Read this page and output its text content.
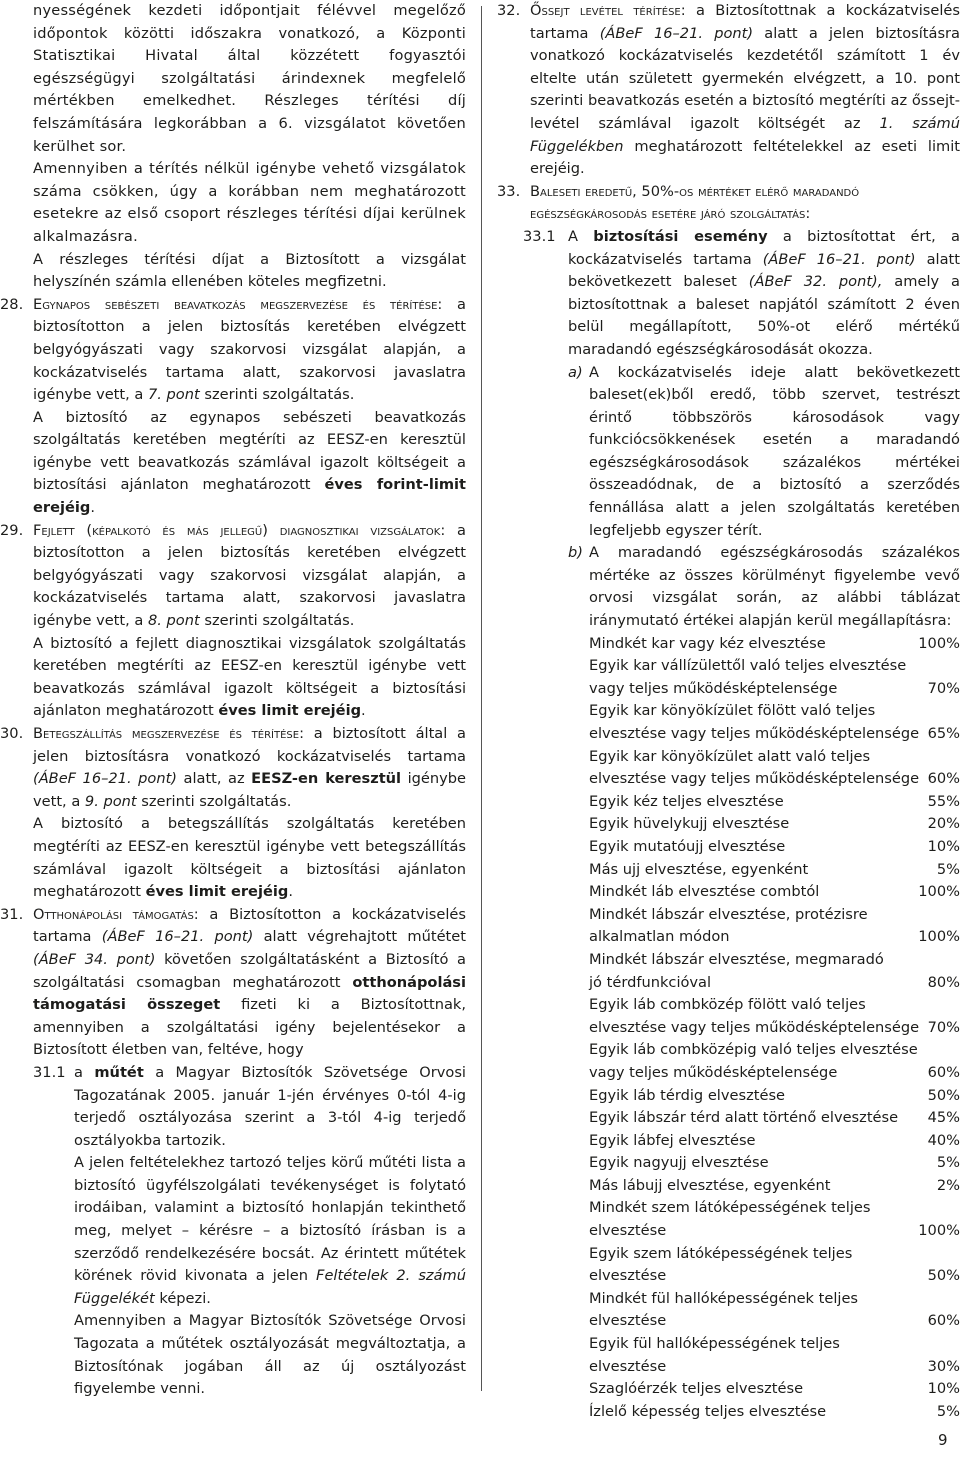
nyességének kezdeti időpontjait félévvel megelőző időpontok közötti időszakra vonatkozó, a Központi Statisztikai Hivatal által közzétett fogyasztói egészségügyi szolgáltatási árindexnek megfelelő mértékben emelkedhet. Részleges térítési díj felszámítására legkorábban a 6. vizsgálatot követően kerülhet sor.

Amennyiben a térítés nélkül igénybe vehető vizsgálatok száma csökken, úgy a korábban nem meghatározott esetekre az első csoport részleges térítési díjai kerülnek alkalmazásra.

A részleges térítési díjat a Biztosított a vizsgálat helyszínén számla ellenében köteles megfizetni.

28. Egynapos sebészeti beavatkozás megszervezése és térítése: a biztosítotton a jelen biztosítás keretében elvégzett belgyógyászati vagy szakorvosi vizsgálat alapján, a kockázatviselés tartama alatt, szakorvosi javaslatra igénybe vett, a 7. pont szerinti szolgáltatás.

A biztosító az egynapos sebészeti beavatkozás szolgáltatás keretében megtéríti az EESZ-en keresztül igénybe vett beavatkozás számlával igazolt költségeit a biztosítási ajánlaton meghatározott éves forint-limit erejéig.

29. Fejlett (képalkotó és más jellegű) diagnosztikai vizsgálatok: a biztosítotton a jelen biztosítás keretében elvégzett belgyógyászati vagy szakorvosi vizsgálat alapján, a kockázatviselés tartama alatt, szakorvosi javaslatra igénybe vett, a 8. pont szerinti szolgáltatás.

A biztosító a fejlett diagnosztikai vizsgálatok szolgáltatás keretében megtéríti az EESZ-en keresztül igénybe vett beavatkozás számlával igazolt költségeit a biztosítási ajánlaton meghatározott éves limit erejéig.

30. Betegszállítás megszervezése és térítése: a biztosított által a jelen biztosításra vonatkozó kockázatviselés tartama (ÁBeF 16–21. pont) alatt, az EESZ-en keresztül igénybe vett, a 9. pont szerinti szolgáltatás.

A biztosító a betegszállítás szolgáltatás keretében megtéríti az EESZ-en keresztül igénybe vett betegszállítás számlával igazolt költségeit a biztosítási ajánlaton meghatározott éves limit erejéig.

31. Otthonápolási támogatás: a Biztosítotton a kockázatviselés tartama (ÁBeF 16–21. pont) alatt végrehajtott műtétet (ÁBeF 34. pont) követően szolgáltatásként a Biztosító a szolgáltatási csomagban meghatározott otthonápolási támogatási összeget fizeti ki a Biztosítottnak, amennyiben a szolgáltatási igény bejelentésekor a Biztosított életben van, feltéve, hogy

31.1 a műtét a Magyar Biztosítók Szövetsége Orvosi Tagozatának 2005. január 1-jén érvényes 0-tól 4-ig terjedő osztályozása szerint a 3-tól 4-ig terjedő osztályokba tartozik.

A jelen feltételekhez tartozó teljes körű műtéti lista a biztosító ügyfélszolgálati tevékenységet is folytató irodáiban, valamint a biztosító honlapján tekinthető meg, melyet – kérésre – a biztosító írásban is a szerződő rendelkezésére bocsát. Az érintett műtétek körének rövid kivonata a jelen Feltételek 2. számú Függelékét képezi.

Amennyiben a Magyar Biztosítók Szövetsége Orvosi Tagozata a műtétek osztályozását megváltoztatja, a Biztosítónak jogában áll az új osztályozást figyelembe venni.

32. Őssejt levétel térítése: a Biztosítottnak a kockázatviselés tartama (ÁBeF 16–21. pont) alatt a jelen biztosításra vonatkozó kockázatviselés kezdetétől számított 1 év eltelte után született gyermekén elvégzett, a 10. pont szerinti beavatkozás esetén a biztosító megtéríti az őssejt-levétel számlával igazolt költségét az 1. számú Függelékben meghatározott feltételekkel az eseti limit erejéig.

33. Baleseti eredetű, 50%-os mértéket elérő maradandó egészségkárosodás esetére járó szolgáltatás:

33.1 A biztosítási esemény a biztosítottat ért, a kockázatviselés tartama (ÁBeF 16–21. pont) alatt bekövetkezett baleset (ÁBeF 32. pont), amely a biztosítottnak a baleset napjától számított 2 éven belül megállapított, 50%-ot elérő mértékű maradandó egészségkárosodását okozza.

a) A kockázatviselés ideje alatt bekövetkezett baleset(ek)ből eredő, több szervet, testrészt érintő többszörös károsodások vagy funkciócsökkenések esetén a maradandó egészségkárosodások százalékos mértékei összeadódnak, de a biztosító a szerződés fennállása alatt a jelen szolgáltatás keretében legfeljebb egyszer térít.

b) A maradandó egészségkárosodás százalékos mértéke az összes körülményt figyelembe vevő orvosi vizsgálat során, az alábbi táblázat iránymutató értékei alapján kerül megállapításra:

Mindkét kar vagy kéz elvesztése	100%
Egyik kar vállízülettől való teljes elvesztése
vagy teljes működésképtelensége	70%
Egyik kar könyökízület fölött való teljes
elvesztése vagy teljes működésképtelensége 65%
Egyik kar könyökízület alatt való teljes
elvesztése vagy teljes működésképtelensége 60%
Egyik kéz teljes elvesztése	55%
Egyik hüvelykujj elvesztése	20%
Egyik mutatóujj elvesztése	10%
Más ujj elvesztése, egyenként	5%
Mindkét láb elvesztése combtól	100%
Mindkét lábszár elvesztése, protézisre
alkalmatlan módon	100%
Mindkét lábszár elvesztése, megmaradó
jó térdfunkcióval	80%
Egyik láb combközép fölött való teljes
elvesztése vagy teljes működésképtelensége 70%
Egyik láb combközépig való teljes elvesztése
vagy teljes működésképtelensége	60%
Egyik láb térdig elvesztése	50%
Egyik lábszár térd alatt történő elvesztése	45%
Egyik lábfej elvesztése	40%
Egyik nagyujj elvesztése	5%
Más lábujj elvesztése, egyenként	2%
Mindkét szem látóképességének teljes
elvesztése	100%
Egyik szem látóképességének teljes
elvesztése	50%
Mindkét fül hallóképességének teljes
elvesztése	60%
Egyik fül hallóképességének teljes elvesztése	30%
Szaglóérzék teljes elvesztése	10%
Ízlelő képesség teljes elvesztése	5%
9
